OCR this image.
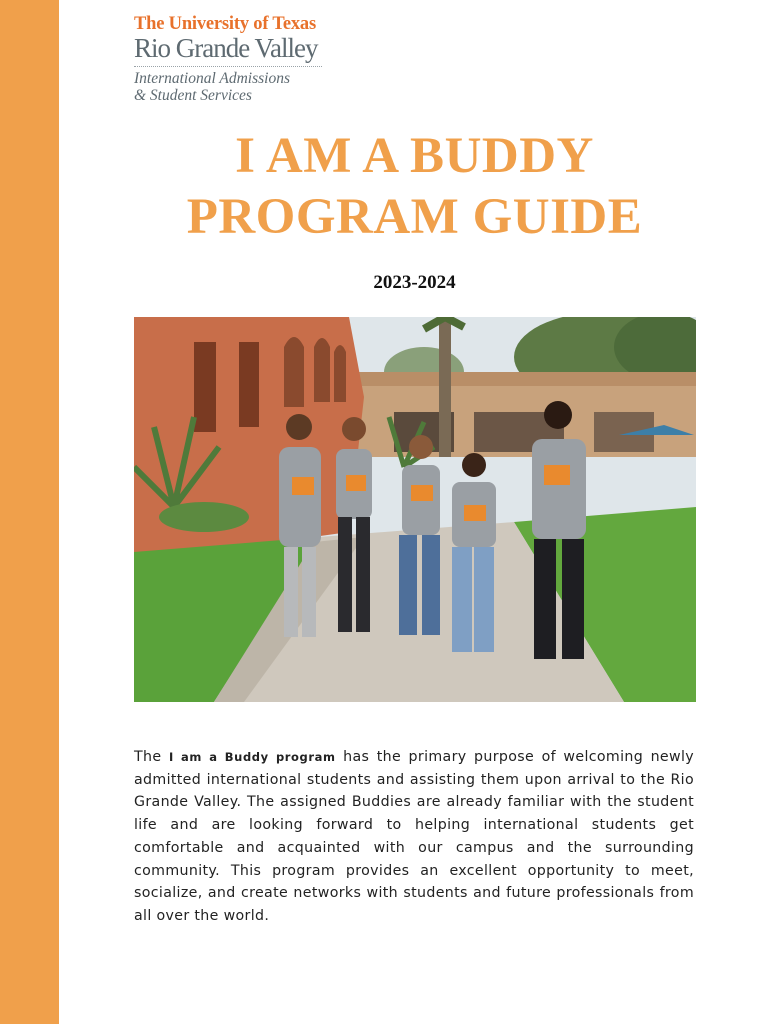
The University of Texas
Rio Grande Valley
International Admissions
& Student Services
I AM A BUDDY
PROGRAM GUIDE
2023-2024
The I am a Buddy program has the primary purpose of welcoming newly admitted international students and assisting them upon arrival to the Rio Grande Valley. The assigned Buddies are already familiar with the student life and are looking forward to helping international students get comfortable and acquainted with our campus and the surrounding community. This program provides an excellent opportunity to meet, socialize, and create networks with students and future professionals from all over the world.
